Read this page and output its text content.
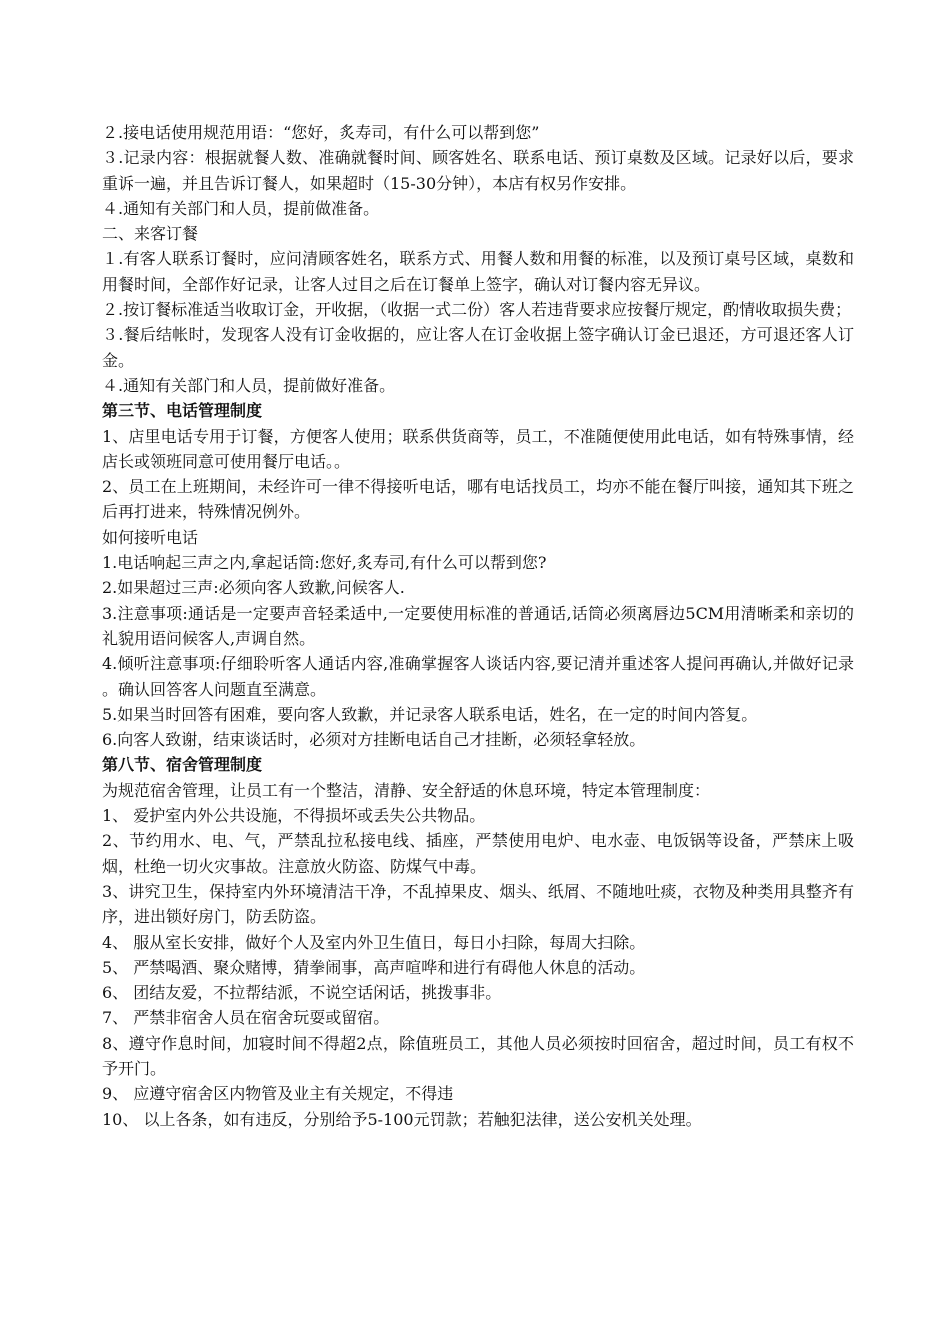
２.接电话使用规范用语：“您好，炙寿司，有什么可以帮到您”
３.记录内容：根据就餐人数、准确就餐时间、顾客姓名、联系电话、预订桌数及区域。记录好以后，要求重诉一遍，并且告诉订餐人，如果超时（15-30分钟），本店有权另作安排。
４.通知有关部门和人员，提前做准备。
二、来客订餐
１.有客人联系订餐时，应问清顾客姓名，联系方式、用餐人数和用餐的标准，以及预订桌号区域，桌数和用餐时间，全部作好记录，让客人过目之后在订餐单上签字，确认对订餐内容无异议。
２.按订餐标准适当收取订金，开收据，（收据一式二份）客人若违背要求应按餐厅规定，酌情收取损失费；
３.餐后结帐时，发现客人没有订金收据的，应让客人在订金收据上签字确认订金已退还，方可退还客人订金。
４.通知有关部门和人员，提前做好准备。
第三节、电话管理制度
1、店里电话专用于订餐，方便客人使用；联系供货商等，员工，不准随便使用此电话，如有特殊事情，经店长或领班同意可使用餐厅电话。。
2、员工在上班期间，未经许可一律不得接听电话，哪有电话找员工，均亦不能在餐厅叫接，通知其下班之后再打进来，特殊情况例外。
如何接听电话
1.电话响起三声之内,拿起话筒:您好,炙寿司,有什么可以帮到您?
2.如果超过三声:必须向客人致歉,问候客人.
3.注意事项:通话是一定要声音轻柔适中,一定要使用标准的普通话,话筒必须离唇边5CM用清晰柔和亲切的礼貌用语问候客人,声调自然。
4.倾听注意事项:仔细聆听客人通话内容,准确掌握客人谈话内容,要记清并重述客人提问再确认,并做好记录 。确认回答客人问题直至满意。
5.如果当时回答有困难，要向客人致歉，并记录客人联系电话，姓名，在一定的时间内答复。
6.向客人致谢，结束谈话时，必须对方挂断电话自己才挂断，必须轻拿轻放。
第八节、宿舍管理制度
为规范宿舍管理，让员工有一个整洁，清静、安全舒适的休息环境，特定本管理制度：
1、 爱护室内外公共设施，不得损坏或丢失公共物品。
2、节约用水、电、气，严禁乱拉私接电线、插座，严禁使用电炉、电水壶、电饭锅等设备，严禁床上吸烟，杜绝一切火灾事故。注意放火防盗、防煤气中毒。
3、讲究卫生，保持室内外环境清洁干净，不乱掉果皮、烟头、纸屑、不随地吐痰，衣物及种类用具整齐有序，进出锁好房门，防丢防盗。
4、 服从室长安排，做好个人及室内外卫生值日，每日小扫除，每周大扫除。
5、 严禁喝酒、聚众赌博，猜拳闹事，高声喧哗和进行有碍他人休息的活动。
6、 团结友爱，不拉帮结派，不说空话闲话，挑拨事非。
7、 严禁非宿舍人员在宿舍玩耍或留宿。
8、遵守作息时间，加寝时间不得超2点，除值班员工，其他人员必须按时回宿舍，超过时间，员工有权不予开门。
9、 应遵守宿舍区内物管及业主有关规定，不得违
10、 以上各条，如有违反，分别给予5-100元罚款；若触犯法律，送公安机关处理。
